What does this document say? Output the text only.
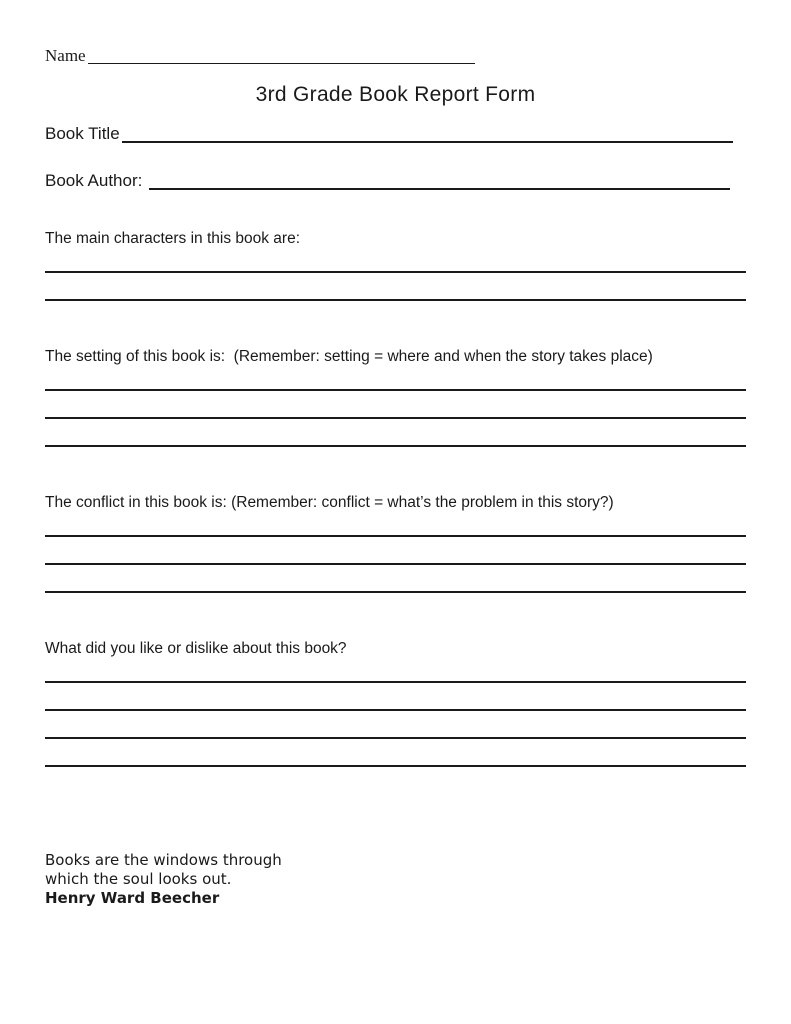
Name
3rd Grade Book Report Form
Book Title
Book Author:
The main characters in this book are:
The setting of this book is:  (Remember: setting = where and when the story takes place)
The conflict in this book is: (Remember: conflict = what’s the problem in this story?)
What did you like or dislike about this book?
Books are the windows through
which the soul looks out.
Henry Ward Beecher
